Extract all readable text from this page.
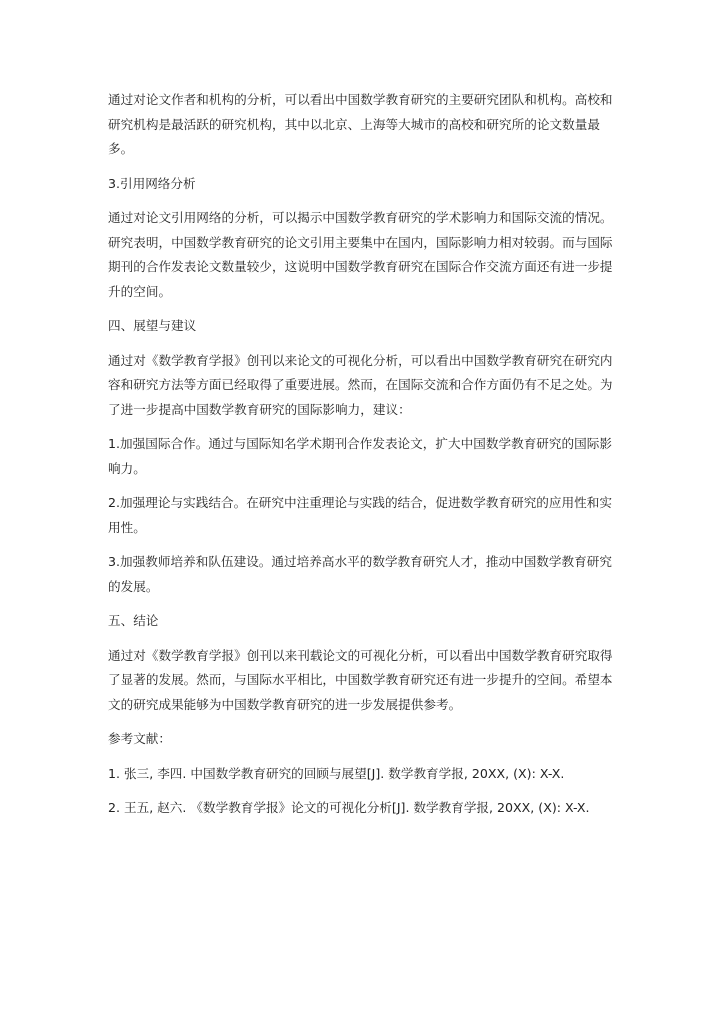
通过对论文作者和机构的分析，可以看出中国数学教育研究的主要研究团队和机构。高校和研究机构是最活跃的研究机构，其中以北京、上海等大城市的高校和研究所的论文数量最多。

3.引用网络分析

通过对论文引用网络的分析，可以揭示中国数学教育研究的学术影响力和国际交流的情况。研究表明，中国数学教育研究的论文引用主要集中在国内，国际影响力相对较弱。而与国际期刊的合作发表论文数量较少，这说明中国数学教育研究在国际合作交流方面还有进一步提升的空间。

四、展望与建议

通过对《数学教育学报》创刊以来论文的可视化分析，可以看出中国数学教育研究在研究内容和研究方法等方面已经取得了重要进展。然而，在国际交流和合作方面仍有不足之处。为了进一步提高中国数学教育研究的国际影响力，建议：

1.加强国际合作。通过与国际知名学术期刊合作发表论文，扩大中国数学教育研究的国际影响力。

2.加强理论与实践结合。在研究中注重理论与实践的结合，促进数学教育研究的应用性和实用性。

3.加强教师培养和队伍建设。通过培养高水平的数学教育研究人才，推动中国数学教育研究的发展。

五、结论

通过对《数学教育学报》创刊以来刊载论文的可视化分析，可以看出中国数学教育研究取得了显著的发展。然而，与国际水平相比，中国数学教育研究还有进一步提升的空间。希望本文的研究成果能够为中国数学教育研究的进一步发展提供参考。

参考文献：

1. 张三, 李四. 中国数学教育研究的回顾与展望[J]. 数学教育学报, 20XX, (X): X-X.

2. 王五, 赵六. 《数学教育学报》论文的可视化分析[J]. 数学教育学报, 20XX, (X): X-X.
